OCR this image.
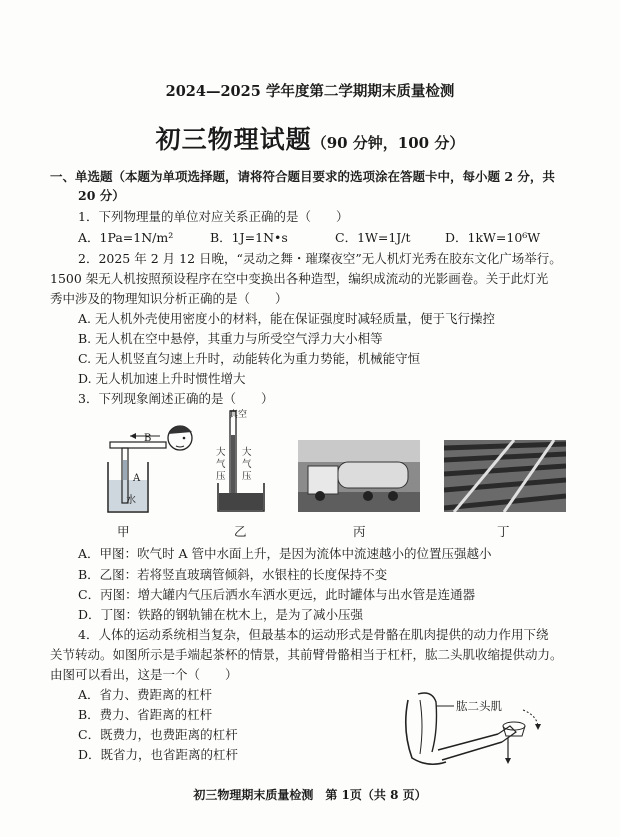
2024—2025 学年度第二学期期末质量检测
初三物理试题（90 分钟，100 分）
一、单选题（本题为单项选择题，请将符合题目要求的选项涂在答题卡中，每小题 2 分，共
20 分）
1．下列物理量的单位对应关系正确的是（　　）
A．1Pa=1N/m²	B．1J=1N•s	C．1W=1J/t	D．1kW=10⁶W
2．2025 年 2 月 12 日晚，“灵动之舞・璀璨夜空”无人机灯光秀在胶东文化广场举行。
1500 架无人机按照预设程序在空中变换出各种造型，编织成流动的光影画卷。关于此灯光
秀中涉及的物理知识分析正确的是（　　）
A. 无人机外壳使用密度小的材料，能在保证强度时减轻质量，便于飞行操控
B. 无人机在空中悬停，其重力与所受空气浮力大小相等
C. 无人机竖直匀速上升时，动能转化为重力势能，机械能守恒
D. 无人机加速上升时惯性增大
3．下列现象阐述正确的是（　　）
B
A
水
真空
大气压
大气压
甲	乙	丙	丁
A．甲图：吹气时 A 管中水面上升，是因为流体中流速越小的位置压强越小
B．乙图：若将竖直玻璃管倾斜，水银柱的长度保持不变
C．丙图：增大罐内气压后洒水车洒水更远，此时罐体与出水管是连通器
D．丁图：铁路的钢轨铺在枕木上，是为了减小压强
4．人体的运动系统相当复杂，但最基本的运动形式是骨骼在肌肉提供的动力作用下绕
关节转动。如图所示是手端起茶杯的情景，其前臂骨骼相当于杠杆，肱二头肌收缩提供动力。
由图可以看出，这是一个（　　）
A．省力、费距离的杠杆
B．费力、省距离的杠杆
C．既费力，也费距离的杠杆
D．既省力，也省距离的杠杆
肱二头肌
初三物理期末质量检测　第 1页（共 8 页）
